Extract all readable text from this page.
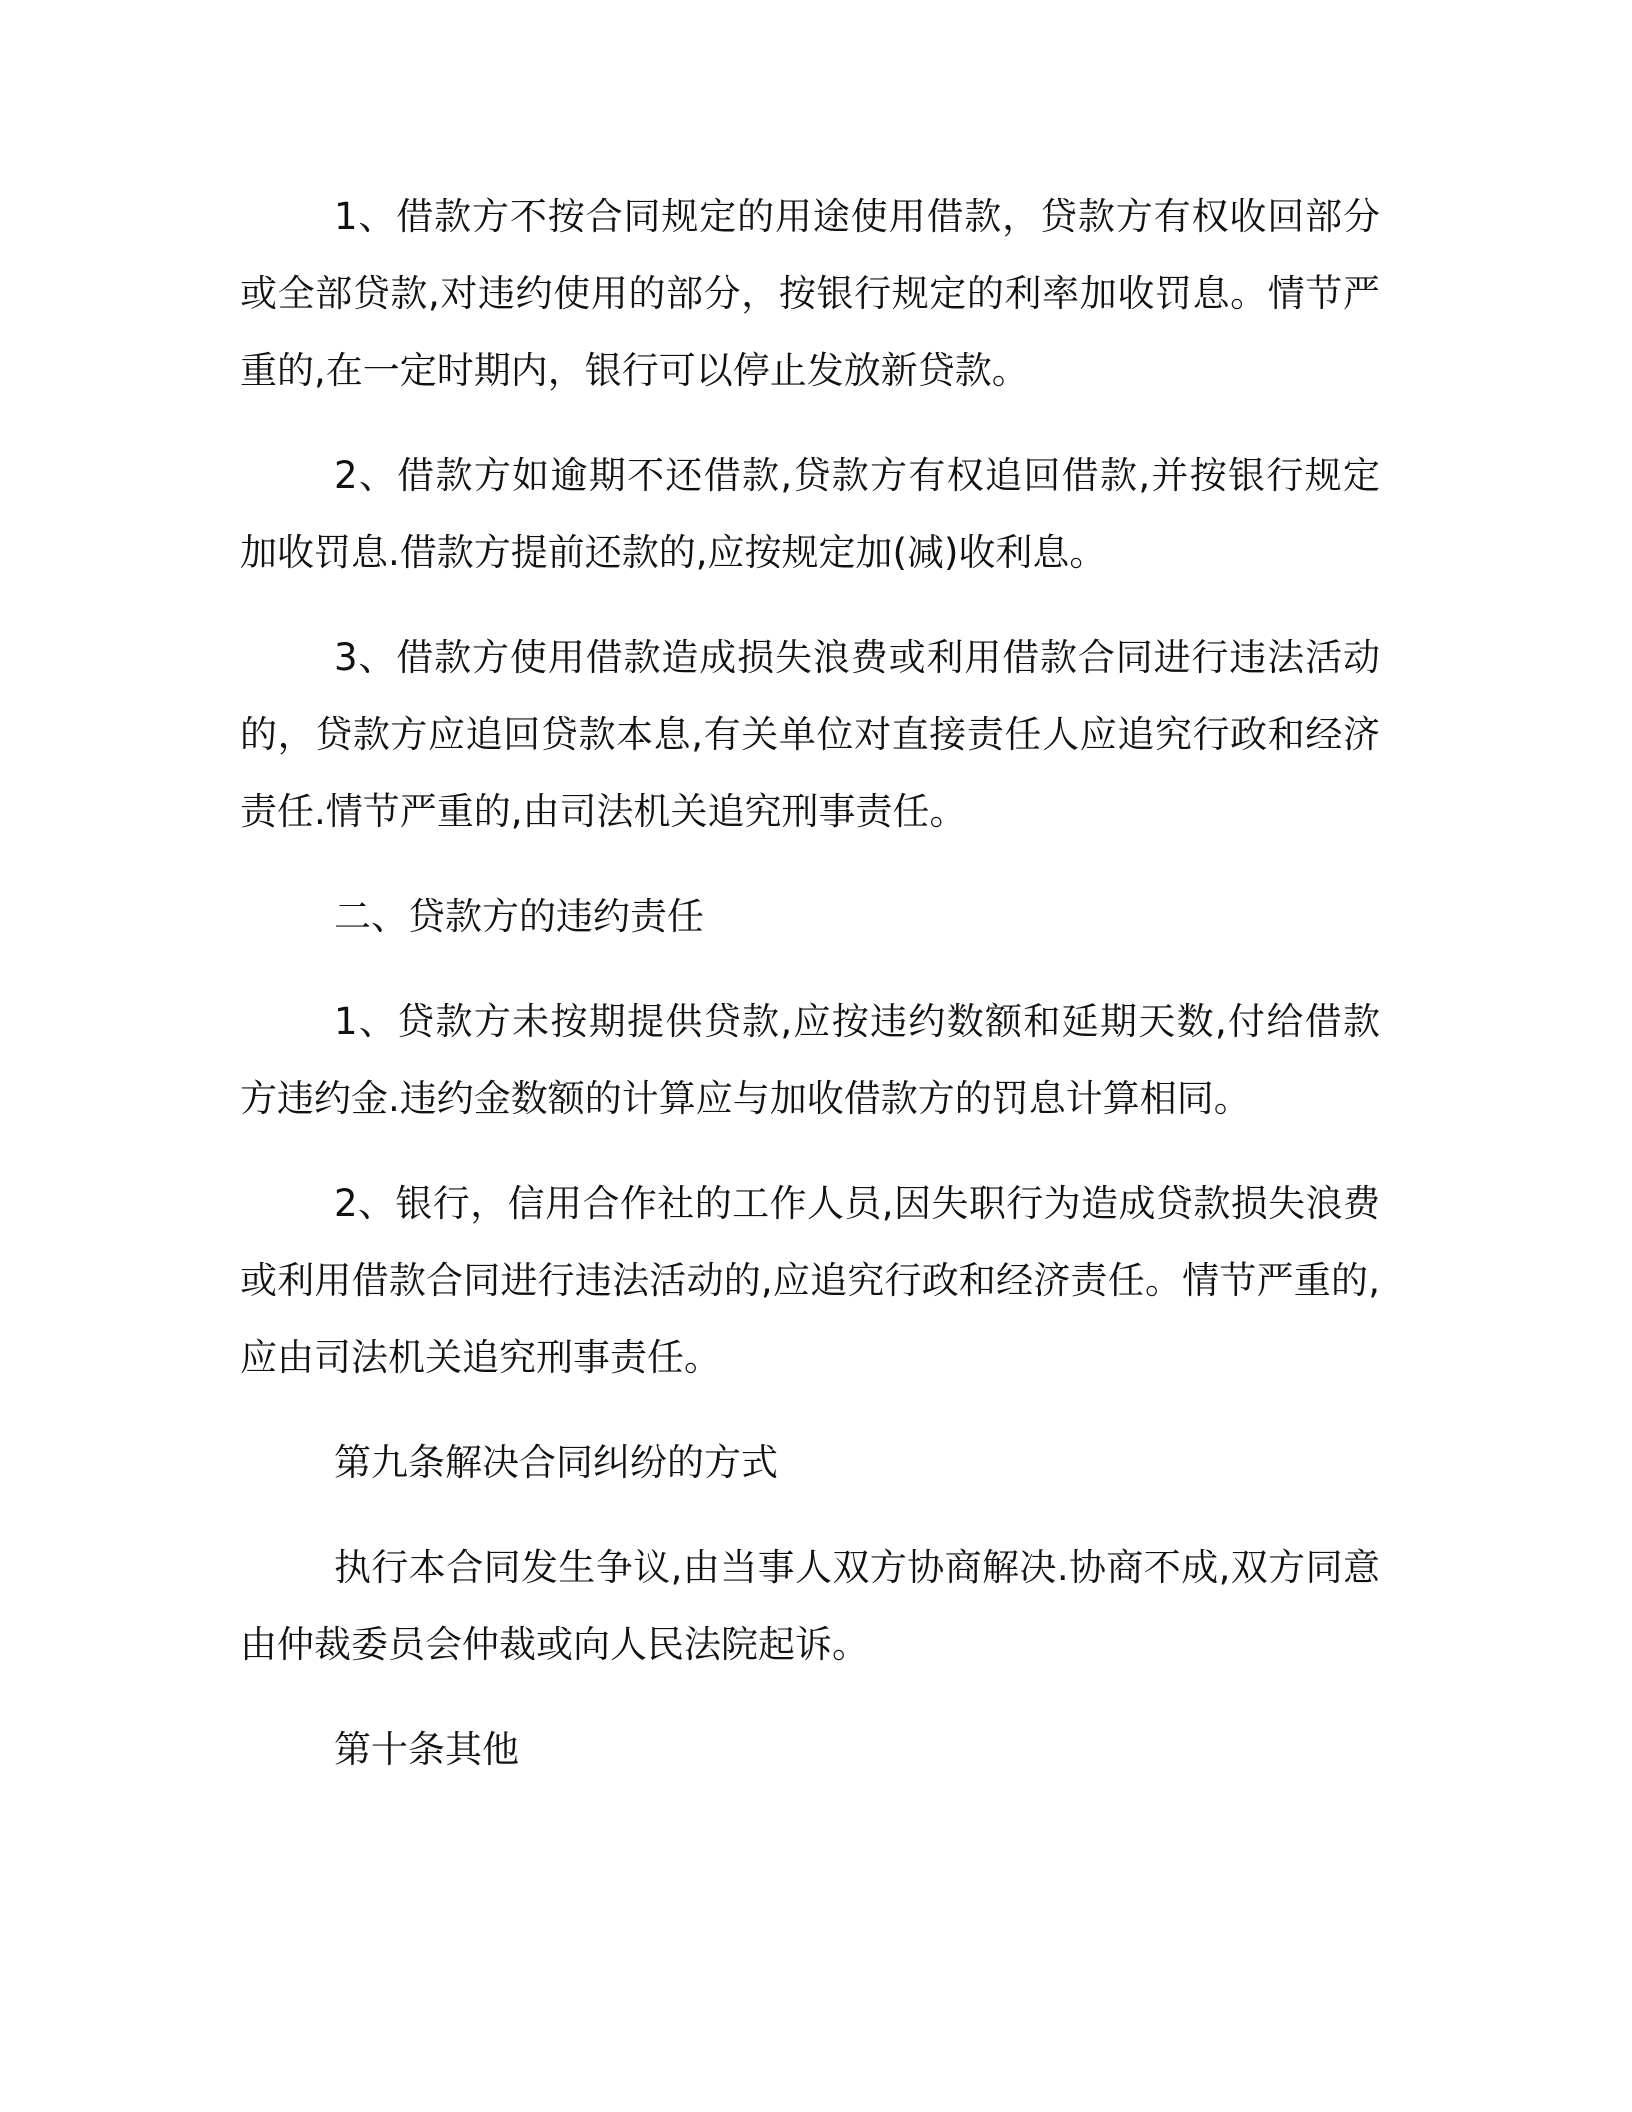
1、借款方不按合同规定的用途使用借款，贷款方有权收回部分或全部贷款,对违约使用的部分，按银行规定的利率加收罚息。情节严重的,在一定时期内，银行可以停止发放新贷款。

2、借款方如逾期不还借款,贷款方有权追回借款,并按银行规定加收罚息.借款方提前还款的,应按规定加(减)收利息。

3、借款方使用借款造成损失浪费或利用借款合同进行违法活动的，贷款方应追回贷款本息,有关单位对直接责任人应追究行政和经济责任.情节严重的,由司法机关追究刑事责任。

二、贷款方的违约责任

1、贷款方未按期提供贷款,应按违约数额和延期天数,付给借款方违约金.违约金数额的计算应与加收借款方的罚息计算相同。

2、银行，信用合作社的工作人员,因失职行为造成贷款损失浪费或利用借款合同进行违法活动的,应追究行政和经济责任。情节严重的,应由司法机关追究刑事责任。

第九条解决合同纠纷的方式

执行本合同发生争议,由当事人双方协商解决.协商不成,双方同意由仲裁委员会仲裁或向人民法院起诉。

第十条其他
